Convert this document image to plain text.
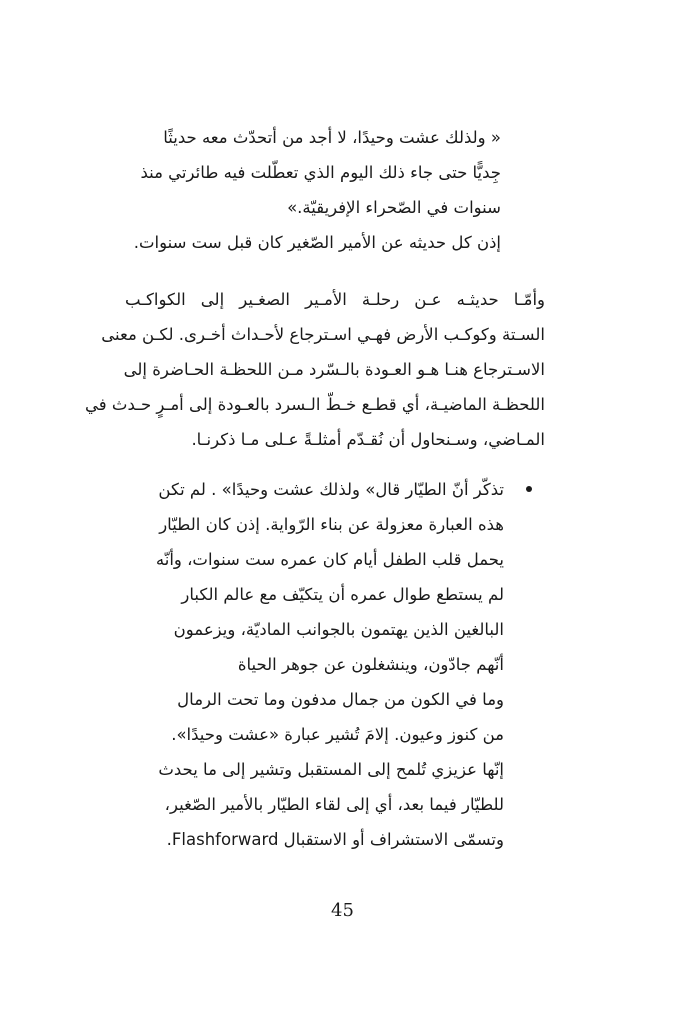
« ولذلك عشت وحيدًا، لا أجد من أتحدّث معه حديثًا
جِديًّا حتى جاء ذلك اليوم الذي تعطّلت فيه طائرتي منذ
سنوات في الصّحراء الإفريقيّة.»
إذن كل حديثه عن الأمير الصّغير كان قبل ست سنوات.
وأمّـا حديثـه عـن رحلـة الأمـير الصغـير إلى الكواكـب
السـتة وكوكـب الأرض فهـي اسـترجاع لأحـداث أخـرى. لكـن معنى
الاسـترجاع هنـا هـو العـودة بالـسّرد مـن اللحظـة الحـاضرة إلى
اللحظـة الماضيـة، أي قطـع خـطّ الـسرد بالعـودة إلى أمـرٍ حـدث في
المـاضي، وسـنحاول أن نُقـدّم أمثلـةً عـلى مـا ذكرنـا.
تذكّر أنّ الطيّار قال» ولذلك عشت وحيدًا» . لم تكن
هذه العبارة معزولة عن بناء الرّواية. إذن كان الطيّار
يحمل قلب الطفل أيام كان عمره ست سنوات، وأنّه
لم يستطع طوال عمره أن يتكيّف مع عالم الكبار
البالغين الذين يهتمون بالجوانب الماديّة، ويزعمون
أنّهم جادّون، وينشغلون عن جوهر الحياة
وما في الكون من جمال مدفون وما تحت الرمال
من كنوز وعيون. إلامَ تُشير عبارة «عشت وحيدًا».
إنّها عزيزي تُلمح إلى المستقبل وتشير إلى ما يحدث
للطيّار فيما بعد، أي إلى لقاء الطيّار بالأمير الصّغير،
وتسمّى الاستشراف أو الاستقبال Flashforward.
45
